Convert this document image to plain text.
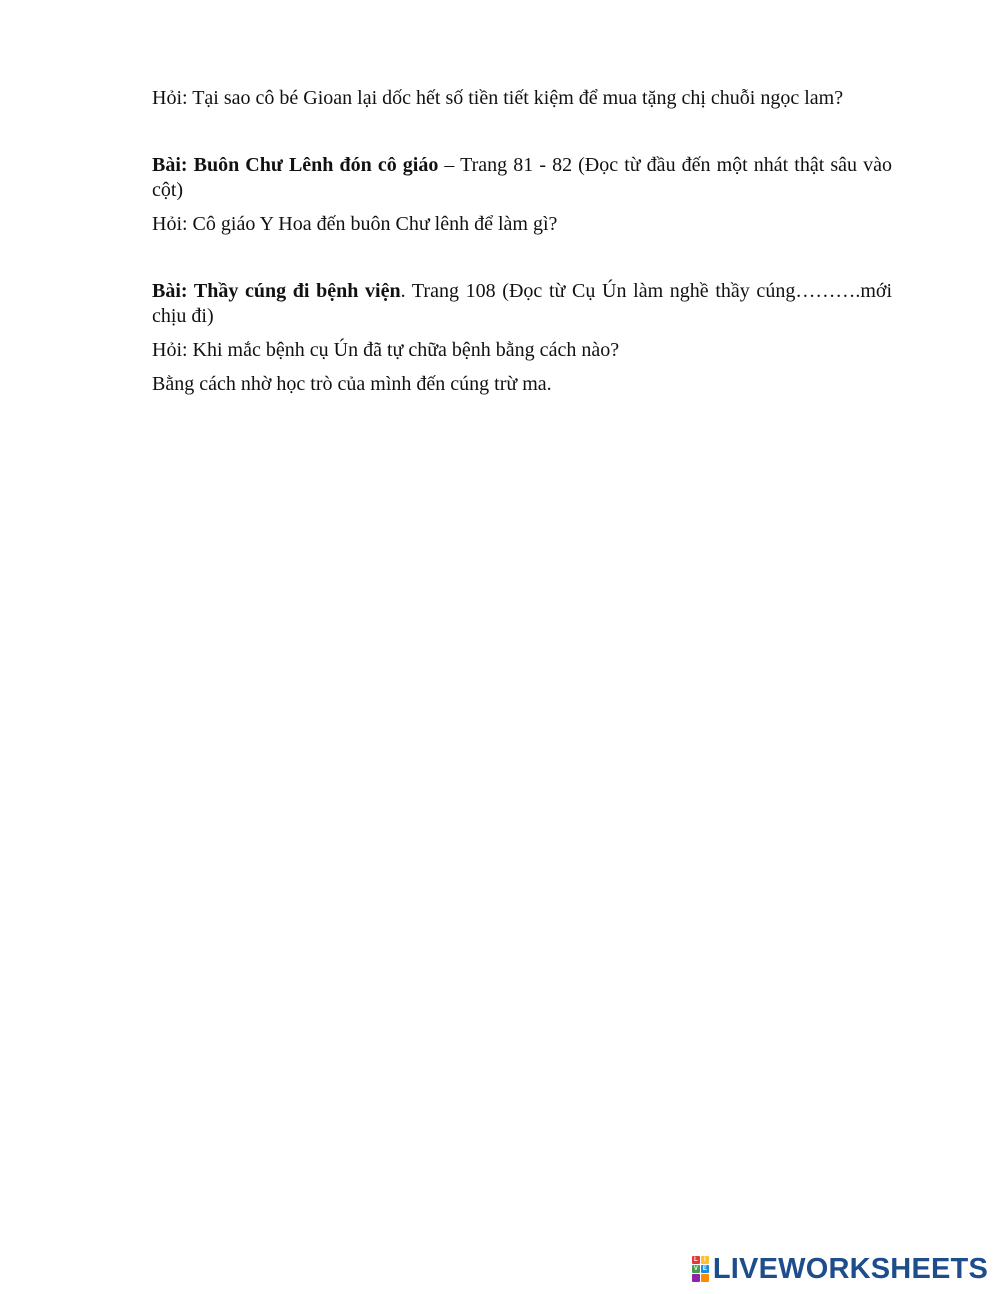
Hỏi: Tại sao cô bé Gioan lại dốc hết số tiền tiết kiệm để mua tặng chị chuỗi ngọc lam?

Bài: Buôn Chư Lênh đón cô giáo – Trang 81 - 82 (Đọc từ đầu đến một nhát thật sâu vào cột)

Hỏi: Cô giáo Y Hoa đến buôn Chư lênh để làm gì?

Bài: Thầy cúng đi bệnh viện. Trang 108 (Đọc từ Cụ Ún làm nghề thầy cúng……….mới chịu đi)

Hỏi: Khi mắc bệnh cụ Ún đã tự chữa bệnh bằng cách nào?

Bằng cách nhờ học trò của mình đến cúng trừ ma.

L	I
V E LIVEWORKSHEETS
